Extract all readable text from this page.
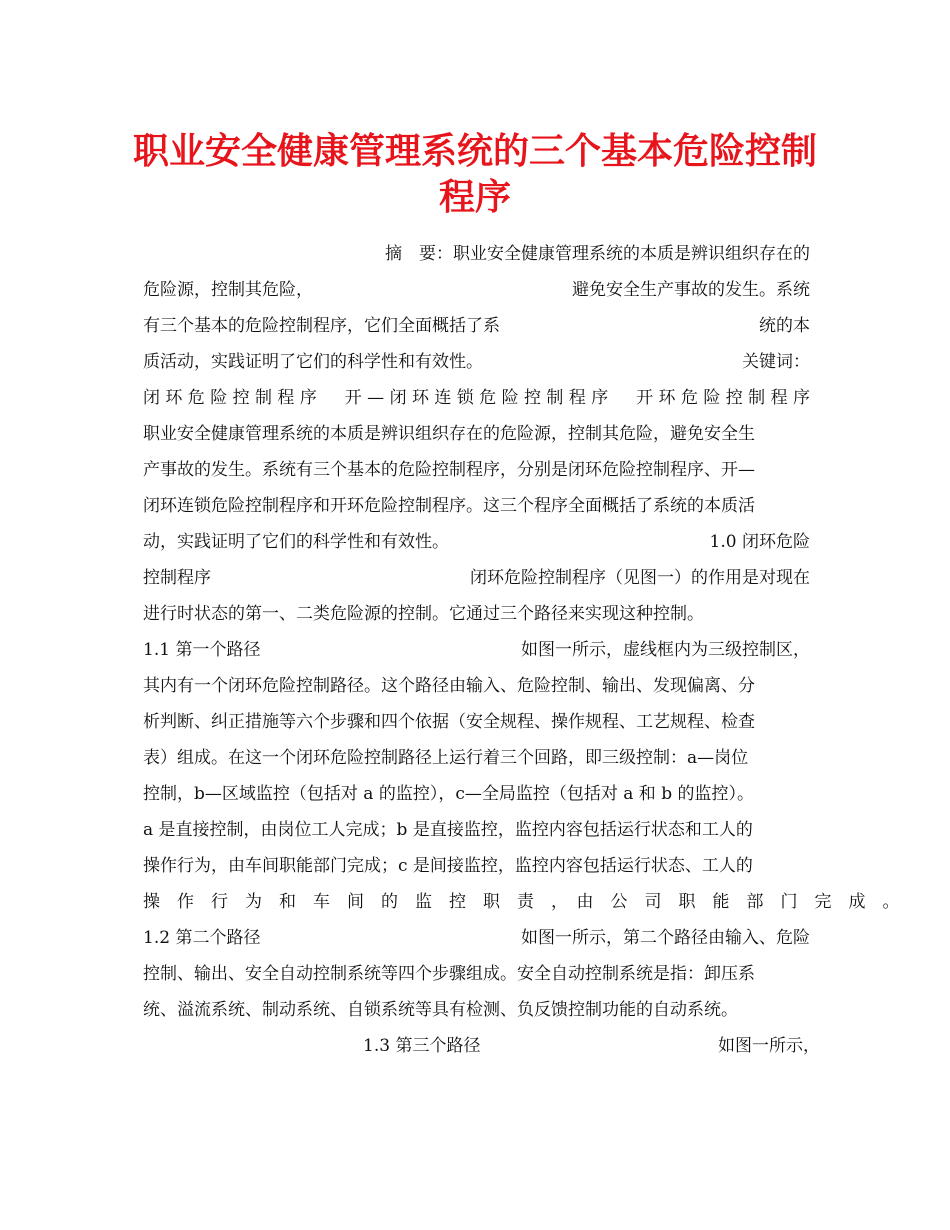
职业安全健康管理系统的三个基本危险控制
程序
摘　要：职业安全健康管理系统的本质是辨识组织存在的
危险源，控制其危险，	避免安全生产事故的发生。系统
有三个基本的危险控制程序，它们全面概括了系	统的本
质活动，实践证明了它们的科学性和有效性。	关键词：
闭 环 危 险 控 制 程 序 开 — 闭 环 连 锁 危 险 控 制 程 序 开 环 危 险 控 制 程 序
职业安全健康管理系统的本质是辨识组织存在的危险源，控制其危险，避免安全生
产事故的发生。系统有三个基本的危险控制程序，分别是闭环危险控制程序、开—
闭环连锁危险控制程序和开环危险控制程序。这三个程序全面概括了系统的本质活
动，实践证明了它们的科学性和有效性。	1.0 闭环危险
控制程序	闭环危险控制程序（见图一）的作用是对现在
进行时状态的第一、二类危险源的控制。它通过三个路径来实现这种控制。
1.1 第一个路径	如图一所示，虚线框内为三级控制区，
其内有一个闭环危险控制路径。这个路径由输入、危险控制、输出、发现偏离、分
析判断、纠正措施等六个步骤和四个依据（安全规程、操作规程、工艺规程、检查
表）组成。在这一个闭环危险控制路径上运行着三个回路，即三级控制：a—岗位
控制，b—区域监控（包括对 a 的监控），c—全局监控（包括对 a 和 b 的监控）。
a 是直接控制，由岗位工人完成；b 是直接监控，监控内容包括运行状态和工人的
操作行为，由车间职能部门完成；c 是间接监控，监控内容包括运行状态、工人的
操　作　行　为　和　车　间　的　监　控　职　责　，　由　公　司　职　能　部　门　完　成　。
1.2 第二个路径	如图一所示，第二个路径由输入、危险
控制、输出、安全自动控制系统等四个步骤组成。安全自动控制系统是指：卸压系
统、溢流系统、制动系统、自锁系统等具有检测、负反馈控制功能的自动系统。
1.3 第三个路径	如图一所示，
